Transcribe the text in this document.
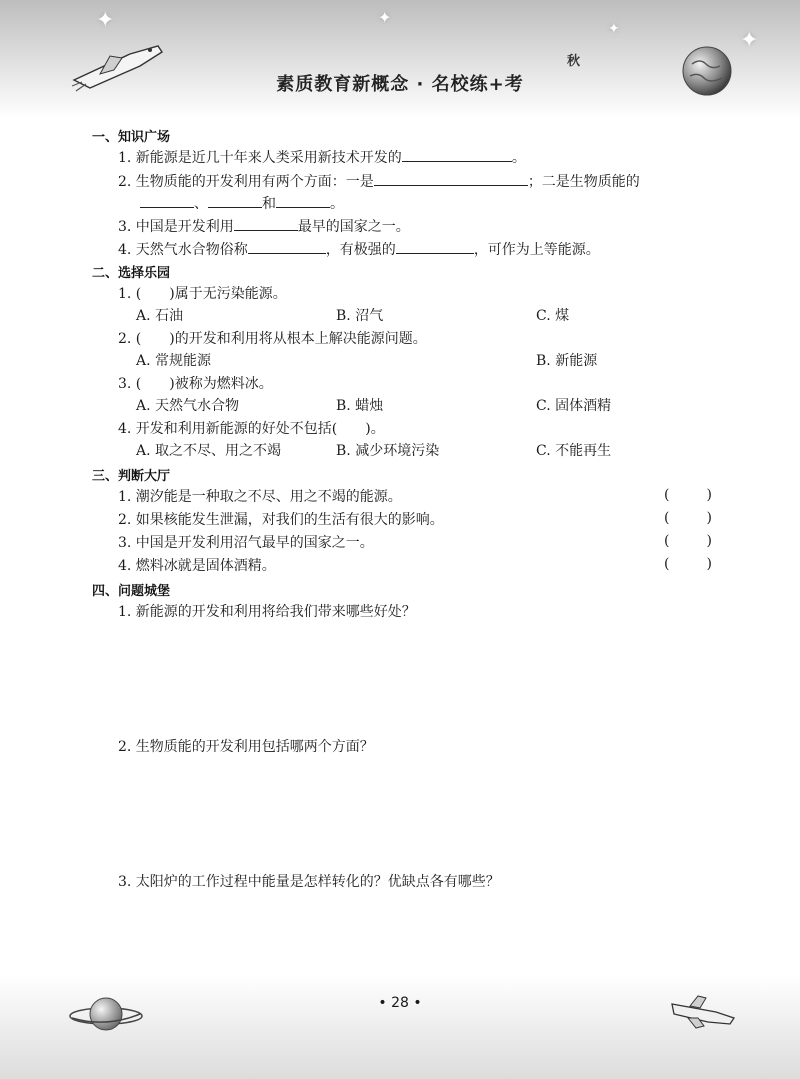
✦	✦
✦
✦
秋
素质教育新概念 · 名校练+考
一、知识广场
1. 新能源是近几十年来人类采用新技术开发的	。
2. 生物质能的开发利用有两个方面：一是	；二是生物质能的
、	和	。
3. 中国是开发利用	最早的国家之一。
4. 天然气水合物俗称	，有极强的	，可作为上等能源。
二、选择乐园
1. ( )属于无污染能源。
A. 石油	B. 沼气	C. 煤
2. ( )的开发和利用将从根本上解决能源问题。
A. 常规能源	B. 新能源
3. ( )被称为燃料冰。
A. 天然气水合物	B. 蜡烛	C. 固体酒精
4. 开发和利用新能源的好处不包括( )。
A. 取之不尽、用之不竭	B. 减少环境污染	C. 不能再生
三、判断大厅
1. 潮汐能是一种取之不尽、用之不竭的能源。	(	)
2. 如果核能发生泄漏，对我们的生活有很大的影响。	(	)
3. 中国是开发利用沼气最早的国家之一。	(	)
4. 燃料冰就是固体酒精。	(	)
四、问题城堡
1. 新能源的开发和利用将给我们带来哪些好处？
2. 生物质能的开发利用包括哪两个方面？
3. 太阳炉的工作过程中能量是怎样转化的？优缺点各有哪些？
• 28 •
